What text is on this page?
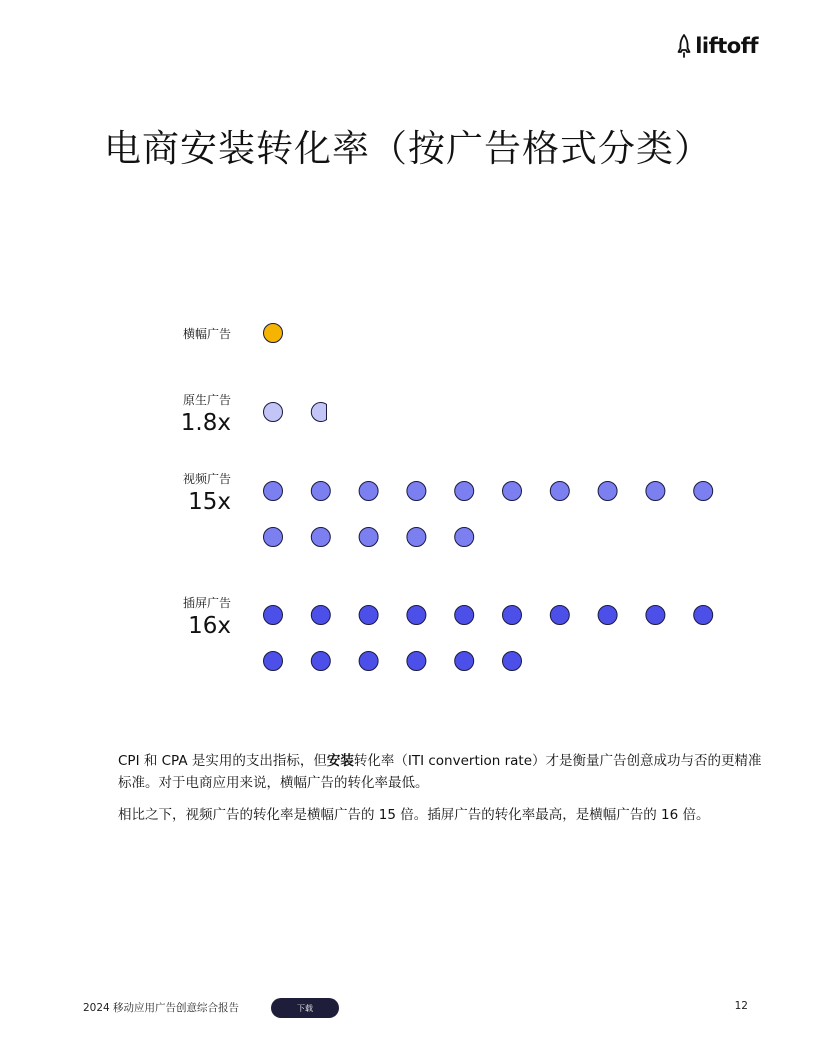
liftoff
电商安装转化率（按广告格式分类）
横幅广告
原生广告
1.8x
视频广告
15x
插屏广告
16x

CPI 和 CPA 是实用的支出指标，但安装转化率（ITI convertion rate）才是衡量广告创意成功与否的更精准标准。对于电商应用来说，横幅广告的转化率最低。

相比之下，视频广告的转化率是横幅广告的 15 倍。插屏广告的转化率最高，是横幅广告的 16 倍。

2024 移动应用广告创意综合报告	下载	12
